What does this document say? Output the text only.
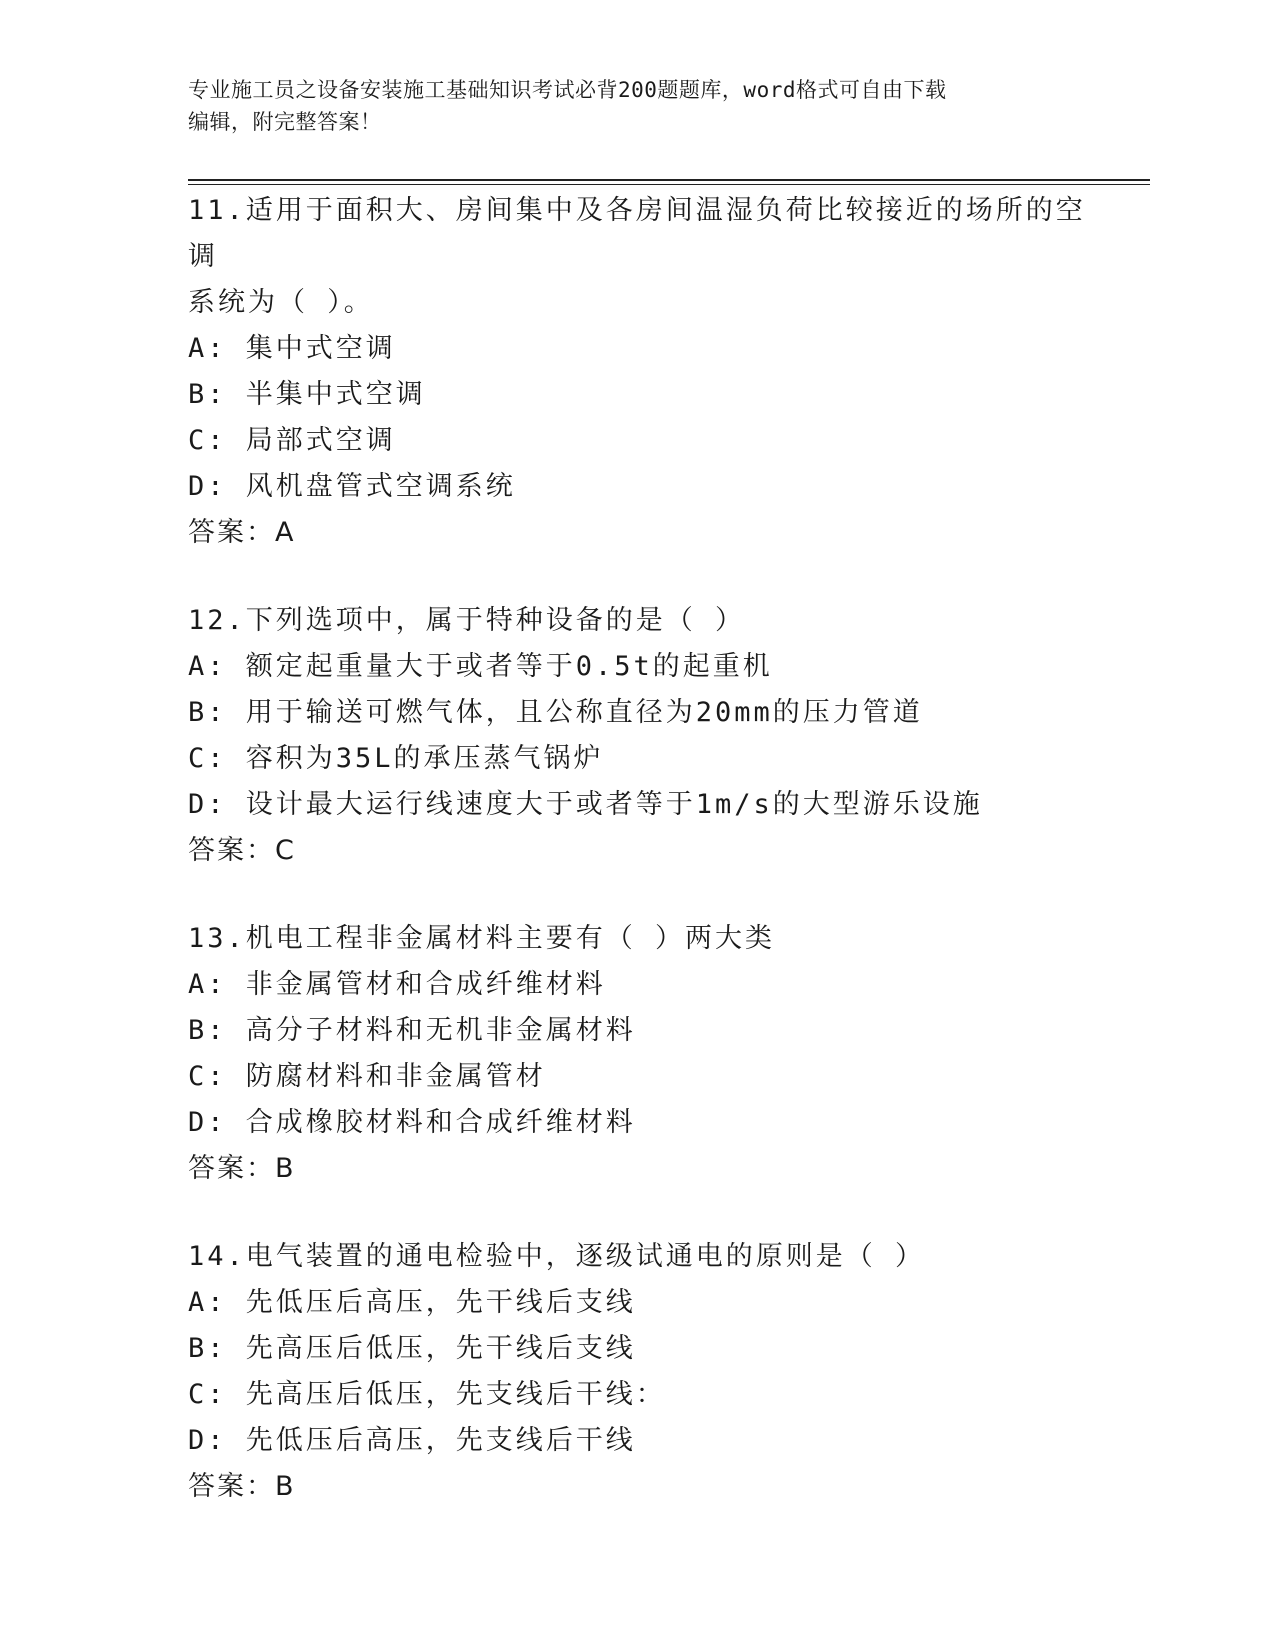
专业施工员之设备安装施工基础知识考试必背200题题库，word格式可自由下载
编辑，附完整答案！
11.适用于面积大、房间集中及各房间温湿负荷比较接近的场所的空调
系统为（ ）。
A: 集中式空调
B: 半集中式空调
C: 局部式空调
D: 风机盘管式空调系统
答案：A
12.下列选项中，属于特种设备的是（ ）
A: 额定起重量大于或者等于0.5t的起重机
B: 用于输送可燃气体，且公称直径为20mm的压力管道
C: 容积为35L的承压蒸气锅炉
D: 设计最大运行线速度大于或者等于1m/s的大型游乐设施
答案：C
13.机电工程非金属材料主要有（ ）两大类
A: 非金属管材和合成纤维材料
B: 高分子材料和无机非金属材料
C: 防腐材料和非金属管材
D: 合成橡胶材料和合成纤维材料
答案：B
14.电气装置的通电检验中，逐级试通电的原则是（ ）
A: 先低压后高压，先干线后支线
B: 先高压后低压，先干线后支线
C: 先高压后低压，先支线后干线：
D: 先低压后高压，先支线后干线
答案：B
